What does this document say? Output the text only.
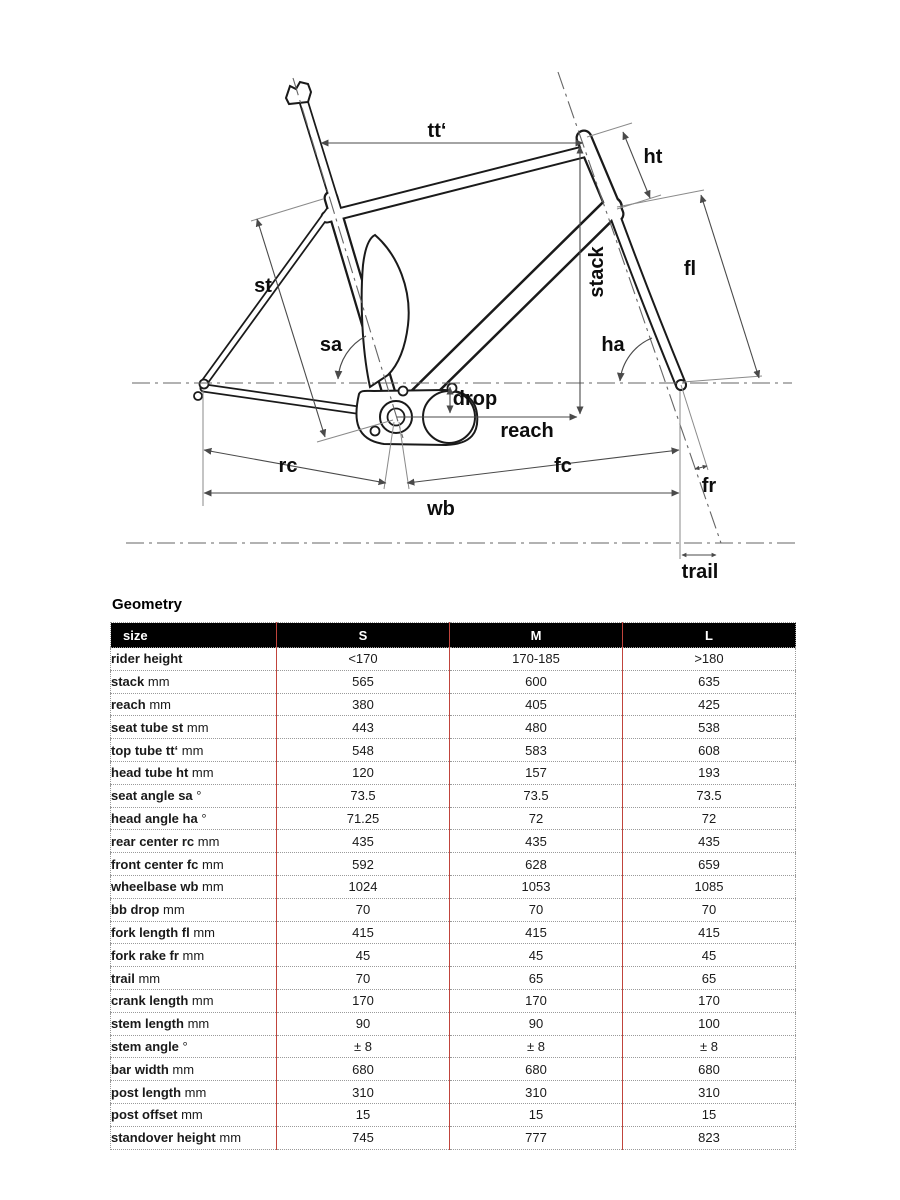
tt‘
ht
st	stack	fl
sa	ha
drop
reach
rc	fc
wb
fr
trail
Geometry
size	S	M	L
rider height	<170	170-185	>180
stack mm	565	600	635
reach mm	380	405	425
seat tube st mm	443	480	538
top tube tt‘ mm	548	583	608
head tube ht mm	120	157	193
seat angle sa °	73.5	73.5	73.5
head angle ha °	71.25	72	72
rear center rc mm	435	435	435
front center fc mm	592	628	659
wheelbase wb mm	1024	1053	1085
bb drop mm	70	70	70
fork length fl mm	415	415	415
fork rake fr mm	45	45	45
trail mm	70	65	65
crank length mm	170	170	170
stem length mm	90	90	100
stem angle °	± 8	± 8	± 8
bar width mm	680	680	680
post length mm	310	310	310
post offset mm	15	15	15
standover height mm	745	777	823
